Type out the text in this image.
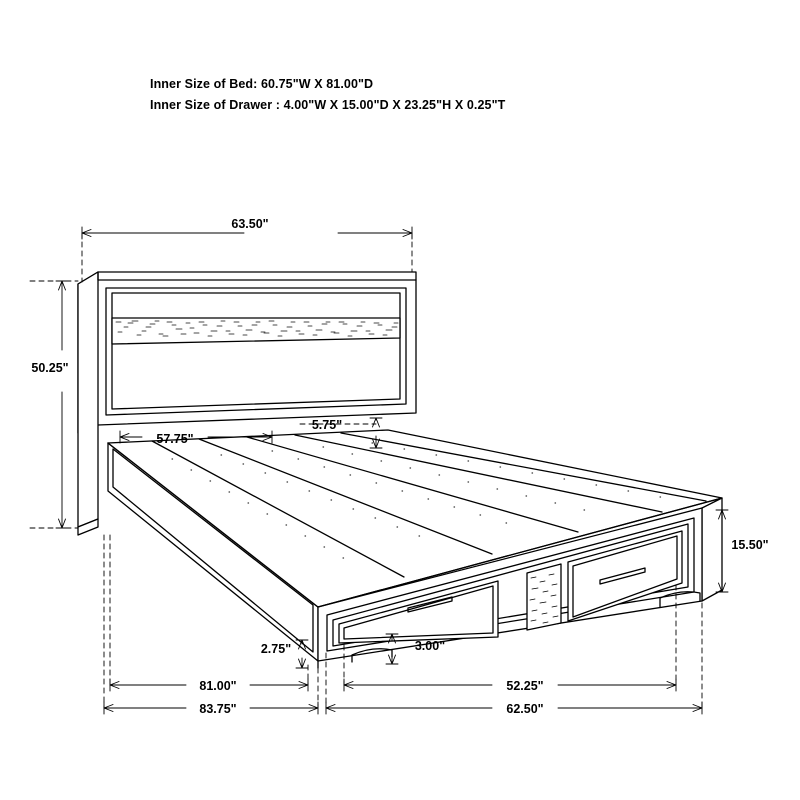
Inner Size of Bed: 60.75"W X 81.00"D
Inner Size of Drawer : 4.00"W X 15.00"D X 23.25"H X 0.25"T
63.50"
50.25"
57.75"
5.75"
15.50"
2.75"	3.00"
81.00"
83.75"
52.25"
62.50"
